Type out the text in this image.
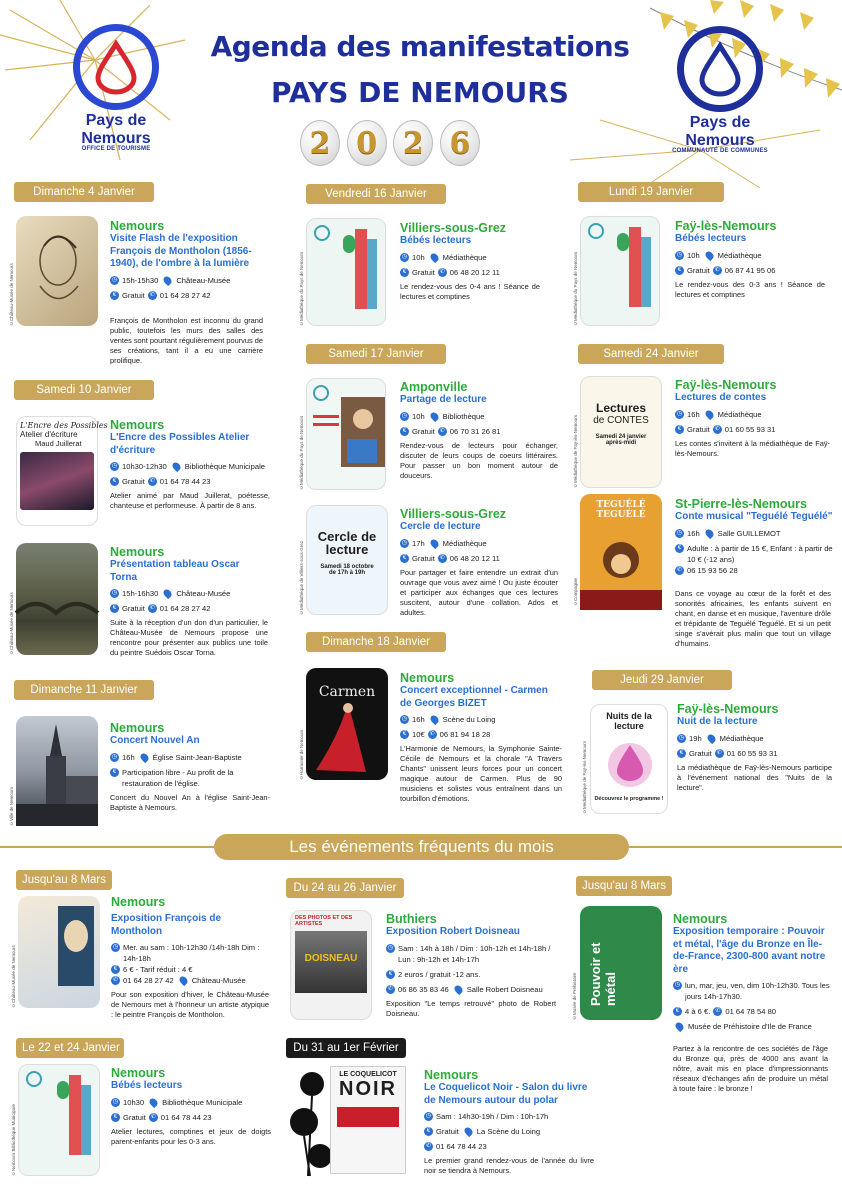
Pays de
Nemours
OFFICE DE TOURISME
Pays de
Nemours
COMMUNAUTÉ DE COMMUNES
Agenda des manifestations
PAYS DE NEMOURS
2 0 2 6
Dimanche 4 Janvier
©Château-Musée de Nemours
Nemours
Visite Flash de l'exposition François de Montholon (1856-1940), de l'ombre à la lumière
◷ 15h-15h30 Château-Musée
€ Gratuit ✆ 01 64 28 27 42
François de Montholon est inconnu du grand public, toutefois les murs des salles des ventes sont pourtant régulièrement pourvus de ses créations, tant il a eu une carrière prolifique.
Samedi 10 Janvier
L'Encre des Possibles
Atelier d'écriture
Maud Juillerat
Nemours
L'Encre des Possibles Atelier d'écriture
◷ 10h30-12h30 Bibliothèque Municipale
€ Gratuit ✆ 01 64 78 44 23
Atelier animé par Maud Juillerat, poétesse, chanteuse et performeuse. À partir de 8 ans.
©Château-Musée de Nemours
Nemours
Présentation tableau Oscar Torna
◷ 15h-16h30 Château-Musée
€ Gratuit ✆ 01 64 28 27 42
Suite à la réception d'un don d'un particulier, le Château-Musée de Nemours propose une rencontre pour présenter aux publics une toile du peintre Suédois Oscar Torna.
Dimanche 11 Janvier
©Ville de Nemours
Nemours
Concert Nouvel An
◷ 16h Église Saint-Jean-Baptiste
€ Participation libre - Au profit de la restauration de l'église.
Concert du Nouvel An à l'église Saint-Jean-Baptiste à Nemours.
Vendredi 16 Janvier
©Médiathèque du Pays de Nemours
Villiers-sous-Grez
Bébés lecteurs
◷ 10h Médiathèque
€ Gratuit ✆ 06 48 20 12 11
Le rendez-vous des 0-4 ans ! Séance de lectures et comptines
Samedi 17 Janvier
©Médiathèque du Pays de Nemours
Amponville
Partage de lecture
◷ 10h Bibliothèque
€ Gratuit ✆ 06 70 31 26 81
Rendez-vous de lecteurs pour échanger, discuter de leurs coups de coeurs littéraires. Pour passer un bon moment autour de douceurs.
Cercle de lecture
Samedi 18 octobre de 17h à 19h
©Médiathèque de Villiers-sous-Grez
Villiers-sous-Grez
Cercle de lecture
◷ 17h Médiathèque
€ Gratuit ✆ 06 48 20 12 11
Pour partager et faire entendre un extrait d'un ouvrage que vous avez aimé ! Ou juste écouter et participer aux échanges que ces lectures suscitent, autour d'une collation. Ados et adultes.
Dimanche 18 Janvier
Carmen
©Harmonie de Nemours
Nemours
Concert exceptionnel - Carmen de Georges BIZET
◷ 16h Scène du Loing
€ 10€ ✆ 06 81 94 18 28
L'Harmonie de Nemours, la Symphonie Sainte-Cécile de Nemours et la chorale "A Travers Chants" unissent leurs forces pour un concert magique autour de Carmen. Plus de 90 musiciens et solistes vous entraînent dans un tourbillon d'émotions.
Lundi 19 Janvier
©Médiathèque du Pays de Nemours
Faÿ-lès-Nemours
Bébés lecteurs
◷ 10h Médiathèque
€ Gratuit ✆ 06 87 41 95 06
Le rendez-vous des 0-3 ans ! Séance de lectures et comptines
Samedi 24 Janvier
Lectures
de CONTES
Samedi 24 janvier après-midi
©Médiathèque de Faÿ-lès-Nemours
Faÿ-lès-Nemours
Lectures de contes
◷ 16h Médiathèque
€ Gratuit ✆ 01 60 55 93 31
Les contes s'invitent à la médiathèque de Faÿ-lès-Nemours.
TEGUÉLÉ TEGUÉLÉ
©Compagnie
St-Pierre-lès-Nemours
Conte musical "Teguélé Teguélé"
◷ 16h Salle GUILLEMOT
€ Adulte : à partir de 15 €, Enfant : à partir de 10 € (-12 ans)
✆ 06 15 93 56 28
Dans ce voyage au cœur de la forêt et des sonorités africaines, les enfants suivent en chant, en danse et en musique, l'aventure drôle et trépidante de Teguélé Teguélé. Et si un petit singe s'avérait plus malin que tout un village d'humains.
Jeudi 29 Janvier
Nuits de la lecture
Découvrez le programme !
©Médiathèque de Faÿ-lès-Nemours
Faÿ-lès-Nemours
Nuit de la lecture
◷ 19h Médiathèque
€ Gratuit ✆ 01 60 55 93 31
La médiathèque de Faÿ-lès-Nemours participe à l'événement national des "Nuits de la lecture".
Les événements fréquents du mois
Jusqu'au 8 Mars
©Château-Musée de Nemours
Nemours
Exposition François de Montholon
◷ Mer. au sam : 10h-12h30 /14h-18h Dim : 14h-18h
€ 6 € - Tarif réduit : 4 €
✆ 01 64 28 27 42 Château-Musée
Pour son exposition d'hiver, le Château-Musée de Nemours met à l'honneur un artiste atypique : le peintre François de Montholon.
Du 24 au 26 Janvier
DES PHOTOS ET DES ARTISTES
DOISNEAU
Buthiers
Exposition Robert Doisneau
◷ Sam : 14h à 18h / Dim : 10h-12h et 14h-18h / Lun : 9h-12h et 14h-17h
€ 2 euros / gratuit -12 ans.
✆ 06 86 35 83 46 Salle Robert Doisneau
Exposition "Le temps retrouvé" photo de Robert Doisneau.
Jusqu'au 8 Mars
Pouvoir et métal
©Musée de Préhistoire
Nemours
Exposition temporaire : Pouvoir et métal, l'âge du Bronze en Île-de-France, 2300-800 avant notre ère
◷ lun, mar, jeu, ven, dim 10h-12h30. Tous les jours 14h-17h30.
€ 4 à 6 €. ✆ 01 64 78 54 80
Musée de Préhistoire d'Ile de France
Partez à la rencontre de ces sociétés de l'âge du Bronze qui, près de 4000 ans avant la nôtre, avait mis en place d'impressionnants réseaux d'échanges afin de produire un métal à toute faire : le bronze !
Le 22 et 24 Janvier
©Nemours Bibliothèque Municipale
Nemours
Bébés lecteurs
◷ 10h30 Bibliothèque Municipale
€ Gratuit ✆ 01 64 78 44 23
Atelier lectures, comptines et jeux de doigts parent-enfants pour les 0-3 ans.
Du 31 au 1er Février
LE COQUELICOT
NOIR
Nemours
Le Coquelicot Noir - Salon du livre de Nemours autour du polar
◷ Sam : 14h30-19h / Dim : 10h-17h
€ Gratuit La Scène du Loing
✆ 01 64 78 44 23
Le premier grand rendez-vous de l'année du livre noir se tiendra à Nemours.
